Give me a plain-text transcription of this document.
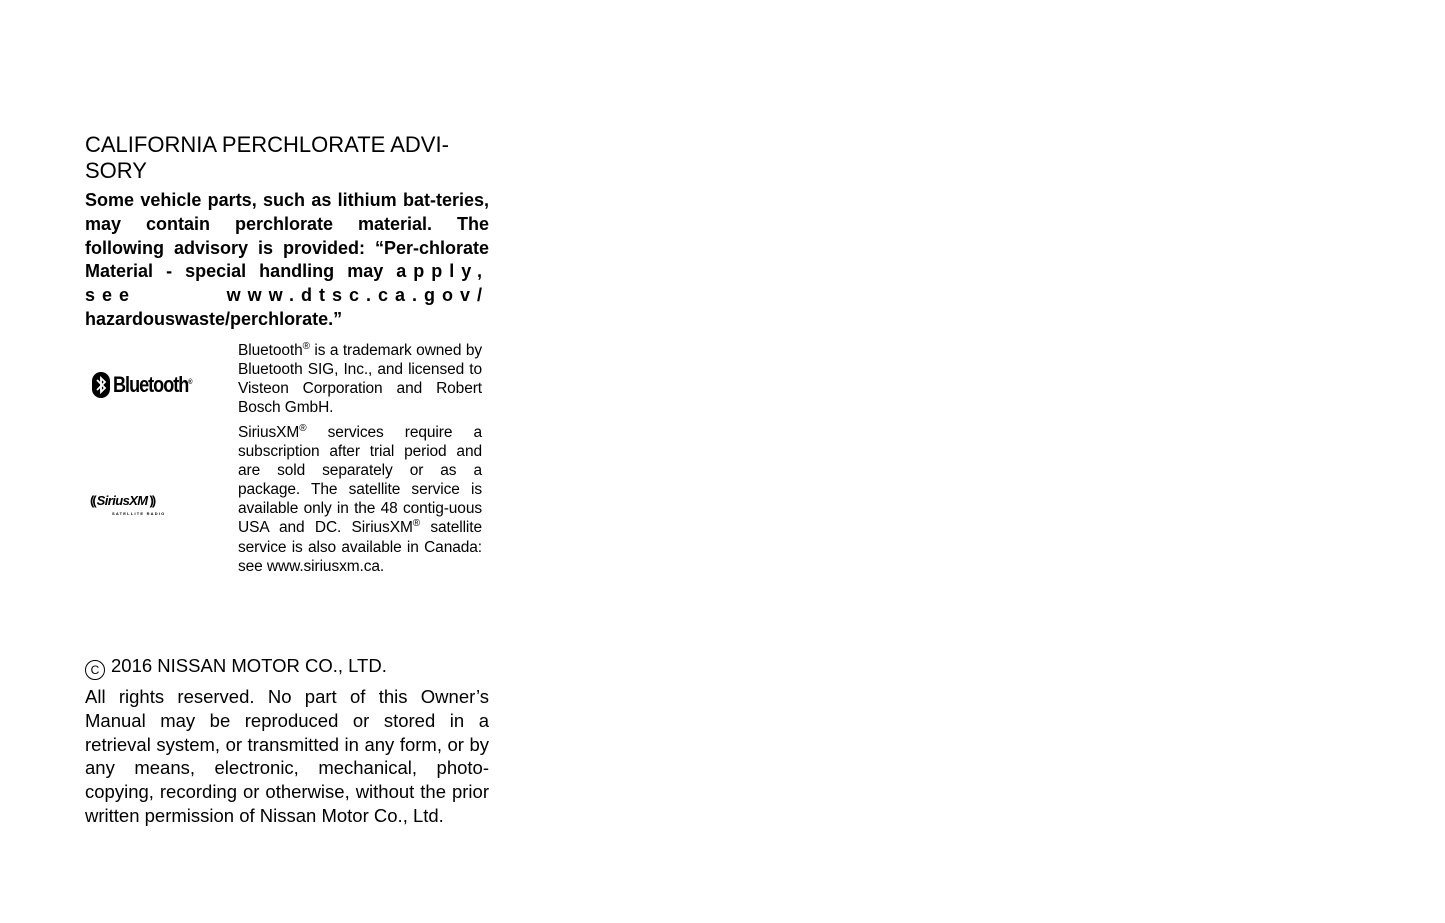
CALIFORNIA PERCHLORATE ADVI-
SORY

Some vehicle parts, such as lithium bat-teries, may contain perchlorate material. The following advisory is provided: “Per-chlorate Material - special handling may apply, see www.dtsc.ca.gov/ hazardouswaste/perchlorate.”

Bluetooth®

Bluetooth® is a trademark owned by Bluetooth SIG, Inc., and licensed to Visteon Corporation and Robert Bosch GmbH.

(( SiriusXM ))
SATELLITE RADIO

SiriusXM® services require a subscription after trial period and are sold separately or as a package. The satellite service is available only in the 48 contig-uous USA and DC. SiriusXM® satellite service is also available in Canada: see www.siriusxm.ca.

C 2016 NISSAN MOTOR CO., LTD.

All rights reserved. No part of this Owner’s Manual may be reproduced or stored in a retrieval system, or transmitted in any form, or by any means, electronic, mechanical, photo-copying, recording or otherwise, without the prior written permission of Nissan Motor Co., Ltd.
